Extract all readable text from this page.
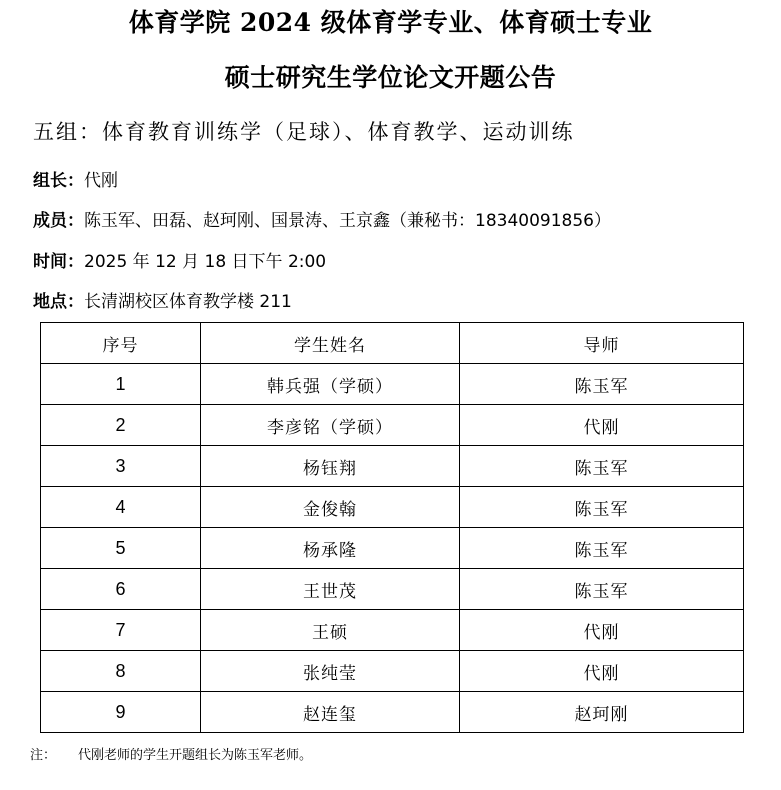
体育学院 2024 级体育学专业、体育硕士专业
硕士研究生学位论文开题公告
五组：体育教育训练学（足球）、体育教学、运动训练
组长：代刚
成员：陈玉军、田磊、赵珂刚、国景涛、王京鑫（兼秘书：18340091856）
时间：2025 年 12 月 18 日下午 2:00
地点：长清湖校区体育教学楼 211
序号	学生姓名	导师
1	韩兵强（学硕）	陈玉军
2	李彦铭（学硕）	代刚
3	杨钰翔	陈玉军
4	金俊翰	陈玉军
5	杨承隆	陈玉军
6	王世茂	陈玉军
7	王硕	代刚
8	张纯莹	代刚
9	赵连玺	赵珂刚
注： 代刚老师的学生开题组长为陈玉军老师。
